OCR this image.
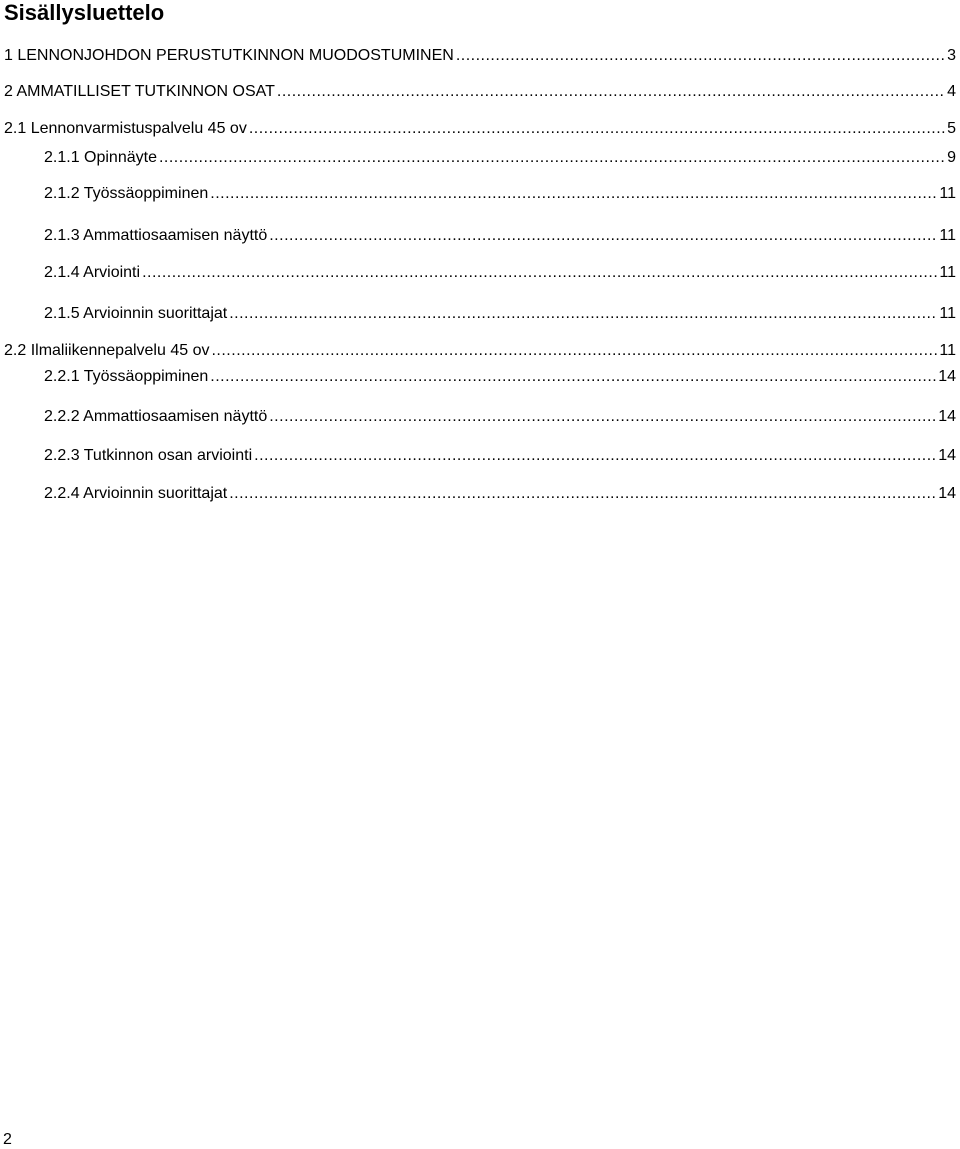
Sisällysluettelo
1 LENNONJOHDON PERUSTUTKINNON MUODOSTUMINEN .....	3
2 AMMATILLISET TUTKINNON OSAT .....	4
2.1 Lennonvarmistuspalvelu 45 ov .....	5
2.1.1 Opinnäyte .....	9
2.1.2 Työssäoppiminen .....	11
2.1.3 Ammattiosaamisen näyttö .....	11
2.1.4 Arviointi .....	11
2.1.5 Arvioinnin suorittajat .....	11
2.2 Ilmaliikennepalvelu 45 ov .....	11
2.2.1 Työssäoppiminen .....	14
2.2.2 Ammattiosaamisen näyttö .....	14
2.2.3 Tutkinnon osan arviointi .....	14
2.2.4 Arvioinnin suorittajat .....	14
2
